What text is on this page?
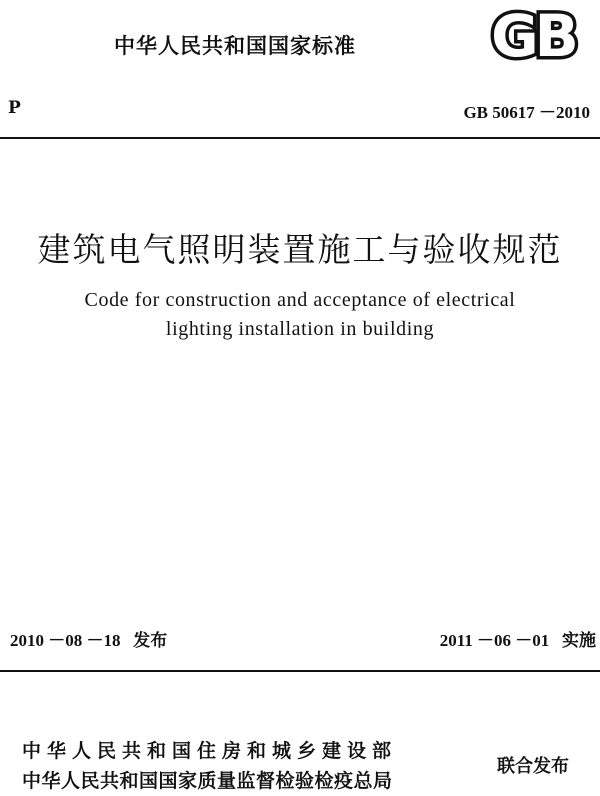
中华人民共和国国家标准	GB
P	GB 50617 －2010
建筑电气照明装置施工与验收规范
Code for construction and acceptance of electrical
lighting installation in building
2010 －08 －18   发布	2011 －06 －01   实施
中华人民共和国住房和城乡建设部
中华人民共和国国家质量监督检验检疫总局
联合发布
